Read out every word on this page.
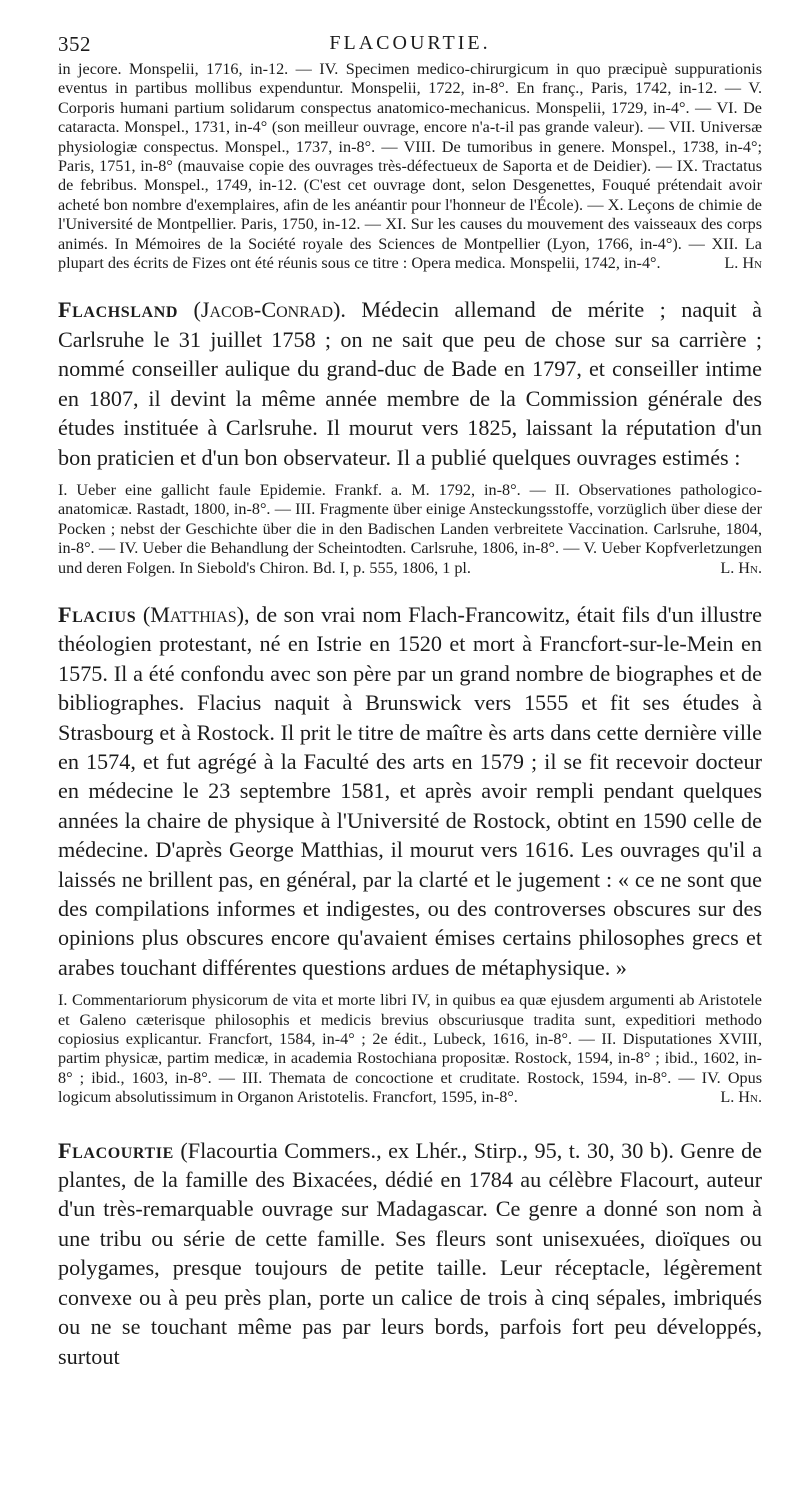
352	FLACOURTIE.

in jecore. Monspelii, 1716, in-12. — IV. Specimen medico-chirurgicum in quo præcipuè suppurationis eventus in partibus mollibus expenduntur. Monspelii, 1722, in-8°. En franç., Paris, 1742, in-12. — V. Corporis humani partium solidarum conspectus anatomico-mechanicus. Monspelii, 1729, in-4°. — VI. De cataracta. Monspel., 1731, in-4° (son meilleur ouvrage, encore n'a-t-il pas grande valeur). — VII. Universæ physiologiæ conspectus. Monspel., 1737, in-8°. — VIII. De tumoribus in genere. Monspel., 1738, in-4°; Paris, 1751, in-8° (mauvaise copie des ouvrages très-défectueux de Saporta et de Deidier). — IX. Tractatus de febribus. Monspel., 1749, in-12. (C'est cet ouvrage dont, selon Desgenettes, Fouqué prétendait avoir acheté bon nombre d'exemplaires, afin de les anéantir pour l'honneur de l'École). — X. Leçons de chimie de l'Université de Montpellier. Paris, 1750, in-12. — XI. Sur les causes du mouvement des vaisseaux des corps animés. In Mémoires de la Société royale des Sciences de Montpellier (Lyon, 1766, in-4°). — XII. La plupart des écrits de Fizes ont été réunis sous ce titre : Opera medica. Monspelii, 1742, in-4°.	L. Hn

Flachsland (Jacob-Conrad). Médecin allemand de mérite ; naquit à Carlsruhe le 31 juillet 1758 ; on ne sait que peu de chose sur sa carrière ; nommé conseiller aulique du grand-duc de Bade en 1797, et conseiller intime en 1807, il devint la même année membre de la Commission générale des études instituée à Carlsruhe. Il mourut vers 1825, laissant la réputation d'un bon praticien et d'un bon observateur. Il a publié quelques ouvrages estimés :

I. Ueber eine gallicht faule Epidemie. Frankf. a. M. 1792, in-8°. — II. Observationes pathologico-anatomicæ. Rastadt, 1800, in-8°. — III. Fragmente über einige Ansteckungsstoffe, vorzüglich über diese der Pocken ; nebst der Geschichte über die in den Badischen Landen verbreitete Vaccination. Carlsruhe, 1804, in-8°. — IV. Ueber die Behandlung der Scheintodten. Carlsruhe, 1806, in-8°. — V. Ueber Kopfverletzungen und deren Folgen. In Siebold's Chiron. Bd. I, p. 555, 1806, 1 pl.	L. Hn.

Flacius (Matthias), de son vrai nom Flach-Francowitz, était fils d'un illustre théologien protestant, né en Istrie en 1520 et mort à Francfort-sur-le-Mein en 1575. Il a été confondu avec son père par un grand nombre de biographes et de bibliographes. Flacius naquit à Brunswick vers 1555 et fit ses études à Strasbourg et à Rostock. Il prit le titre de maître ès arts dans cette dernière ville en 1574, et fut agrégé à la Faculté des arts en 1579 ; il se fit recevoir docteur en médecine le 23 septembre 1581, et après avoir rempli pendant quelques années la chaire de physique à l'Université de Rostock, obtint en 1590 celle de médecine. D'après George Matthias, il mourut vers 1616. Les ouvrages qu'il a laissés ne brillent pas, en général, par la clarté et le jugement : « ce ne sont que des compilations informes et indigestes, ou des controverses obscures sur des opinions plus obscures encore qu'avaient émises certains philosophes grecs et arabes touchant différentes questions ardues de métaphysique. »

I. Commentariorum physicorum de vita et morte libri IV, in quibus ea quæ ejusdem argumenti ab Aristotele et Galeno cæterisque philosophis et medicis brevius obscuriusque tradita sunt, expeditiori methodo copiosius explicantur. Francfort, 1584, in-4° ; 2e édit., Lubeck, 1616, in-8°. — II. Disputationes XVIII, partim physicæ, partim medicæ, in academia Rostochiana propositæ. Rostock, 1594, in-8° ; ibid., 1602, in-8° ; ibid., 1603, in-8°. — III. Themata de concoctione et cruditate. Rostock, 1594, in-8°. — IV. Opus logicum absolutissimum in Organon Aristotelis. Francfort, 1595, in-8°.	L. Hn.

Flacourtie (Flacourtia Commers., ex Lhér., Stirp., 95, t. 30, 30 b). Genre de plantes, de la famille des Bixacées, dédié en 1784 au célèbre Flacourt, auteur d'un très-remarquable ouvrage sur Madagascar. Ce genre a donné son nom à une tribu ou série de cette famille. Ses fleurs sont unisexuées, dioïques ou polygames, presque toujours de petite taille. Leur réceptacle, légèrement convexe ou à peu près plan, porte un calice de trois à cinq sépales, imbriqués ou ne se touchant même pas par leurs bords, parfois fort peu développés, surtout
